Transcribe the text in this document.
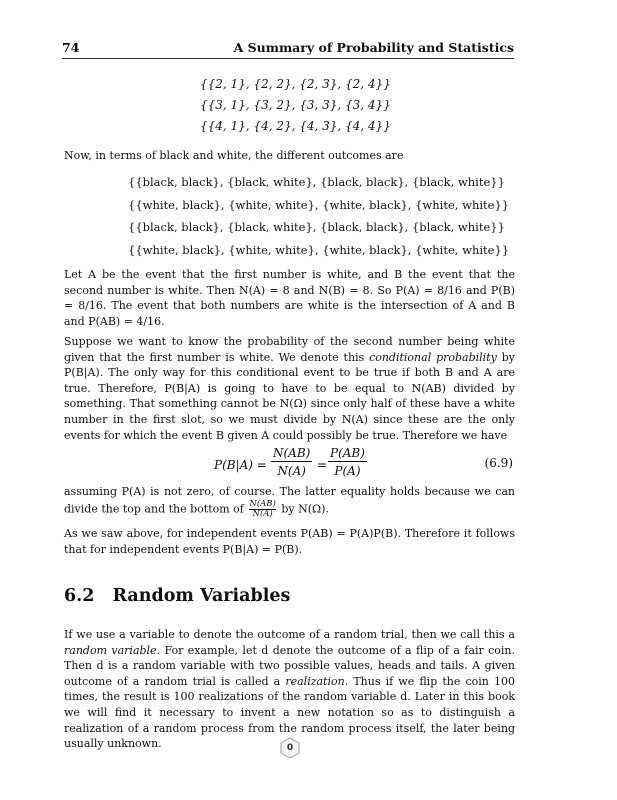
74	A Summary of Probability and Statistics
{{2, 1}, {2, 2}, {2, 3}, {2, 4}}
{{3, 1}, {3, 2}, {3, 3}, {3, 4}}
{{4, 1}, {4, 2}, {4, 3}, {4, 4}}
Now, in terms of black and white, the different outcomes are
{{black, black}, {black, white}, {black, black}, {black, white}}
{{white, black}, {white, white}, {white, black}, {white, white}}
{{black, black}, {black, white}, {black, black}, {black, white}}
{{white, black}, {white, white}, {white, black}, {white, white}}
Let A be the event that the first number is white, and B the event that the second number is white. Then N(A) = 8 and N(B) = 8. So P(A) = 8/16 and P(B) = 8/16. The event that both numbers are white is the intersection of A and B and P(AB) = 4/16.
Suppose we want to know the probability of the second number being white given that the first number is white. We denote this conditional probability by P(B|A). The only way for this conditional event to be true if both B and A are true. Therefore, P(B|A) is going to have to be equal to N(AB) divided by something. That something cannot be N(Ω) since only half of these have a white number in the first slot, so we must divide by N(A) since these are the only events for which the event B given A could possibly be true. Therefore we have
$P(B|A) = \frac{N(AB)}{N(A)} = \frac{P(AB)}{P(A)}$	(6.9)
assuming P(A) is not zero, of course. The latter equality holds because we can divide the top and the bottom of $\frac{N(AB)}{N(A)}$ by N(Ω).
As we saw above, for independent events P(AB) = P(A)P(B). Therefore it follows that for independent events P(B|A) = P(B).
6.2 Random Variables
If we use a variable to denote the outcome of a random trial, then we call this a random variable. For example, let d denote the outcome of a flip of a fair coin. Then d is a random variable with two possible values, heads and tails. A given outcome of a random trial is called a realization. Thus if we flip the coin 100 times, the result is 100 realizations of the random variable d. Later in this book we will find it necessary to invent a new notation so as to distinguish a realization of a random process from the random process itself, the later being usually unknown.	0
